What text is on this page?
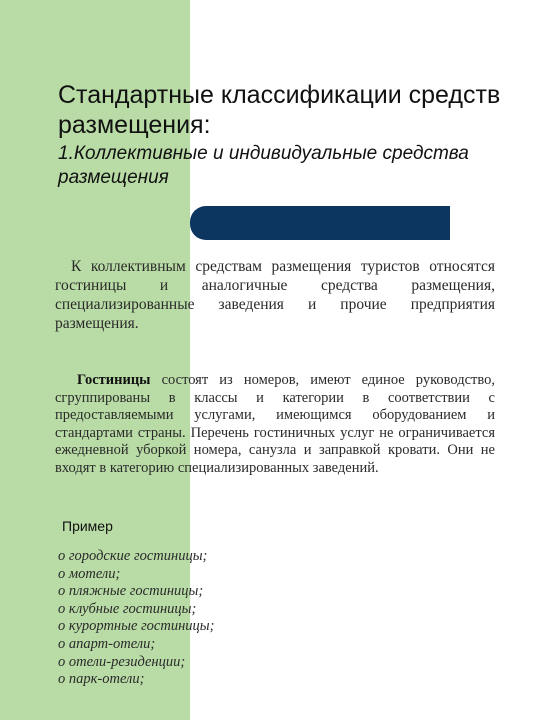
Стандартные классификации средств размещения:
1.Коллективные и индивидуальные средства размещения
К коллективным средствам размещения туристов относятся гостиницы и аналогичные средства размещения, специализированные заведения и прочие предприятия размещения.
Гостиницы состоят из номеров, имеют единое руководство, сгруппированы в классы и категории в соответствии с предоставляемыми услугами, имеющимся оборудованием и стандартами страны. Перечень гостиничных услуг не ограничивается ежедневной уборкой номера, санузла и заправкой кровати. Они не входят в категорию специализированных заведений.
Пример
о городские гостиницы;
о мотели;
о пляжные гостиницы;
о клубные гостиницы;
о курортные гостиницы;
о апарт-отели;
о отели-резиденции;
о парк-отели;
